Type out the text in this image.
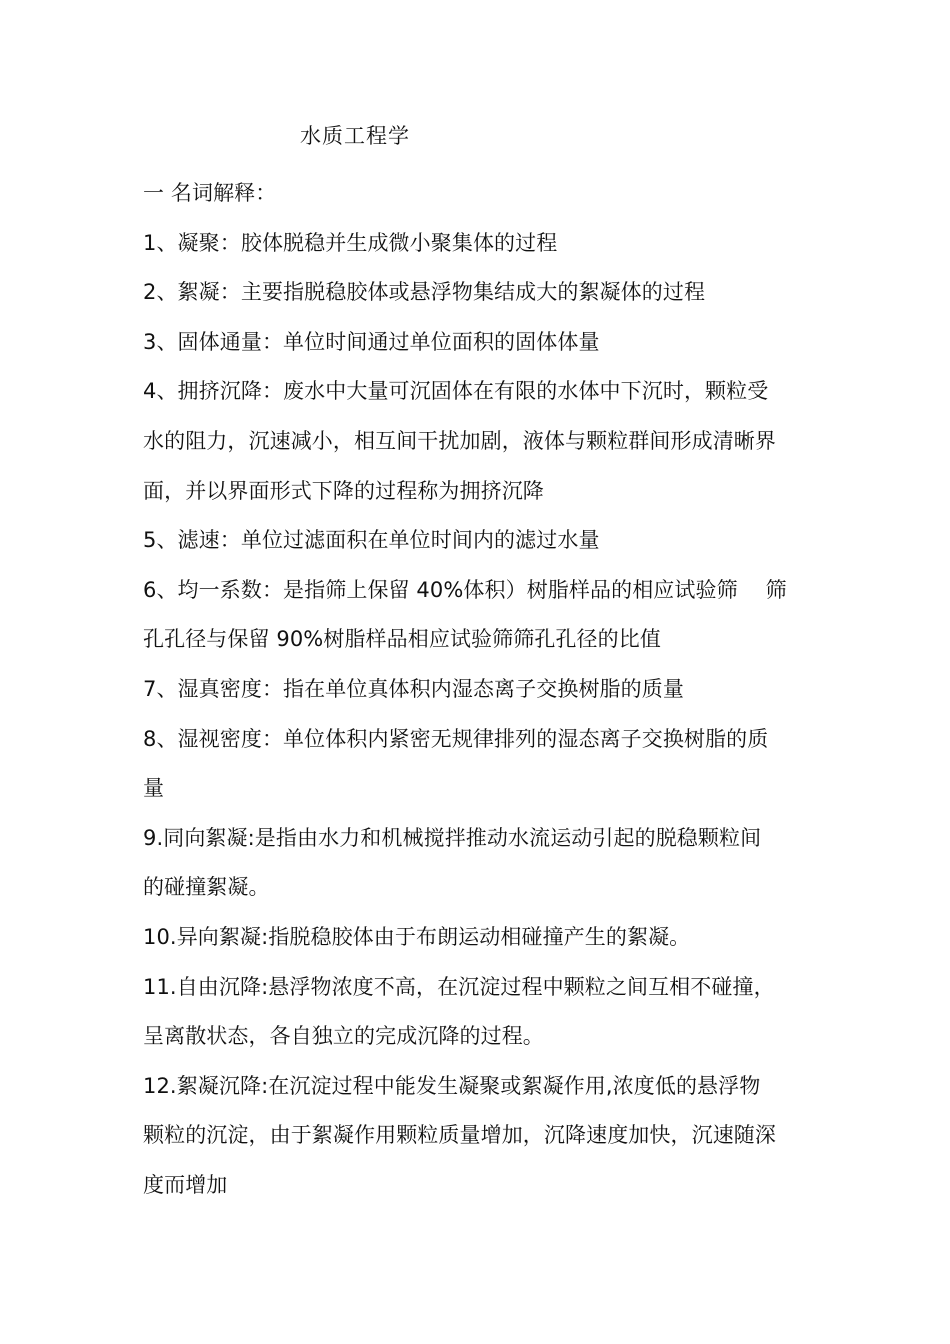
水质工程学
一 名词解释：
1、凝聚：胶体脱稳并生成微小聚集体的过程
2、絮凝：主要指脱稳胶体或悬浮物集结成大的絮凝体的过程
3、固体通量：单位时间通过单位面积的固体体量
4、拥挤沉降：废水中大量可沉固体在有限的水体中下沉时，颗粒受
水的阻力，沉速减小，相互间干扰加剧，液体与颗粒群间形成清晰界
面，并以界面形式下降的过程称为拥挤沉降
5、滤速：单位过滤面积在单位时间内的滤过水量
6、均一系数：是指筛上保留 40%体积）树脂样品的相应试验筛　 筛
孔孔径与保留 90%树脂样品相应试验筛筛孔孔径的比值
7、湿真密度：指在单位真体积内湿态离子交换树脂的质量
8、湿视密度：单位体积内紧密无规律排列的湿态离子交换树脂的质
量
9.同向絮凝:是指由水力和机械搅拌推动水流运动引起的脱稳颗粒间
的碰撞絮凝。
10.异向絮凝:指脱稳胶体由于布朗运动相碰撞产生的絮凝。
11.自由沉降:悬浮物浓度不高，在沉淀过程中颗粒之间互相不碰撞，
呈离散状态，各自独立的完成沉降的过程。
12.絮凝沉降:在沉淀过程中能发生凝聚或絮凝作用,浓度低的悬浮物
颗粒的沉淀，由于絮凝作用颗粒质量增加，沉降速度加快，沉速随深
度而增加
